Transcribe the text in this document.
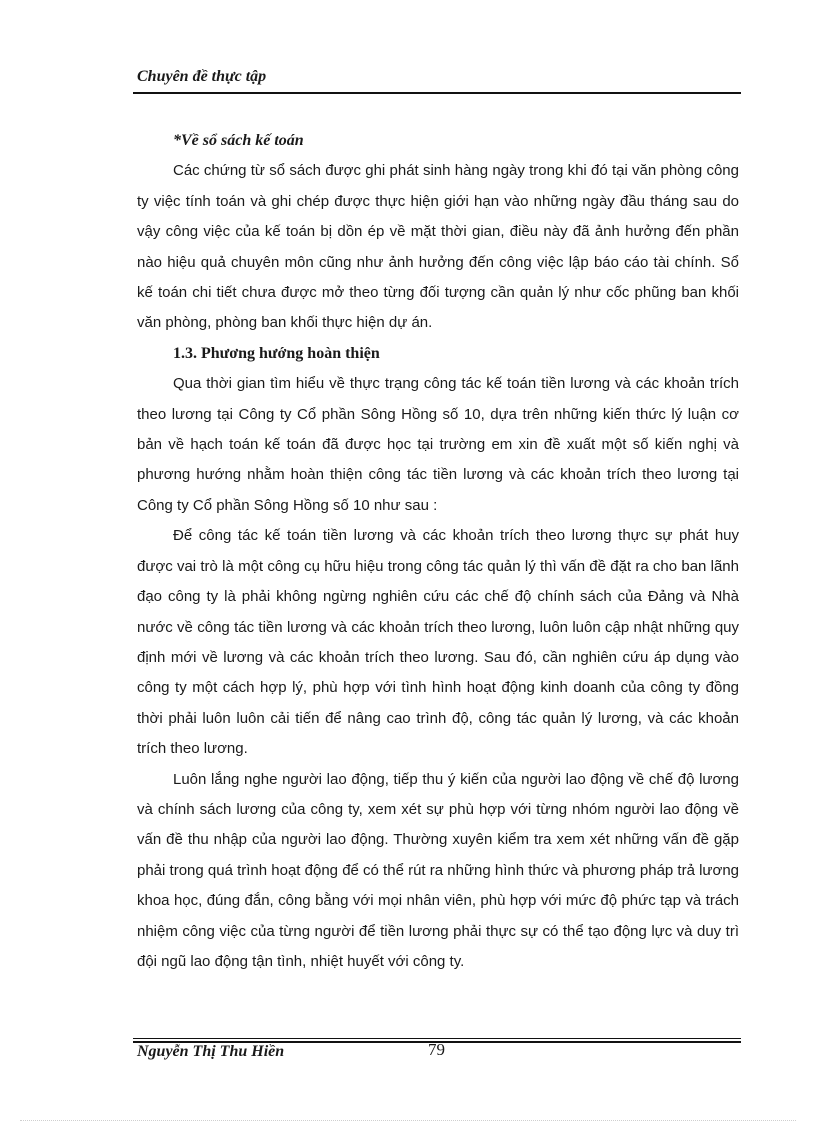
Chuyên đề thực tập
*Về sổ sách kế toán

Các chứng từ sổ sách được ghi phát sinh hàng ngày trong khi đó tại văn phòng công ty việc tính toán và ghi chép được thực hiện giới hạn vào những ngày đầu tháng sau do vậy công việc của kế toán bị dồn ép về mặt thời gian, điều này đã ảnh hưởng đến phần nào hiệu quả chuyên môn cũng như ảnh hưởng đến công việc lập báo cáo tài chính. Sổ kế toán chi tiết chưa được mở theo từng đối tượng cần quản lý như cốc phũng ban khối văn phòng, phòng ban khối thực hiện dự án.

1.3. Phương hướng hoàn thiện

Qua thời gian tìm hiểu về thực trạng công tác kế toán tiền lương và các khoản trích theo lương tại Công ty Cổ phần Sông Hồng số 10, dựa trên những kiến thức lý luận cơ bản về hạch toán kế toán đã được học tại trường em xin đề xuất một số kiến nghị và phương hướng nhằm hoàn thiện công tác tiền lương và các khoản trích theo lương tại Công ty Cổ phần Sông Hồng số 10 như sau :

Để công tác kế toán tiền lương và các khoản trích theo lương thực sự phát huy được vai trò là một công cụ hữu hiệu trong công tác quản lý thì vấn đề đặt ra cho ban lãnh đạo công ty là phải không ngừng nghiên cứu các chế độ chính sách của Đảng và Nhà nước về công tác tiền lương và các khoản trích theo lương, luôn luôn cập nhật những quy định mới về lương và các khoản trích theo lương. Sau đó, cần nghiên cứu áp dụng vào công ty một cách hợp lý, phù hợp với tình hình hoạt động kinh doanh của công ty đồng thời phải luôn luôn cải tiến để nâng cao trình độ, công tác quản lý lương, và các khoản trích theo lương.

Luôn lắng nghe người lao động, tiếp thu ý kiến của người lao động về chế độ lương và chính sách lương của công ty, xem xét sự phù hợp với từng nhóm người lao động về vấn đề thu nhập của người lao động. Thường xuyên kiểm tra xem xét những vấn đề gặp phải trong quá trình hoạt động để có thể rút ra những hình thức và phương pháp trả lương khoa học, đúng đắn, công bằng với mọi nhân viên, phù hợp với mức độ phức tạp và trách nhiệm công việc của từng người để tiền lương phải thực sự có thể tạo động lực và duy trì đội ngũ lao động tận tình, nhiệt huyết với công ty.

Nguyễn Thị Thu Hiền	79
